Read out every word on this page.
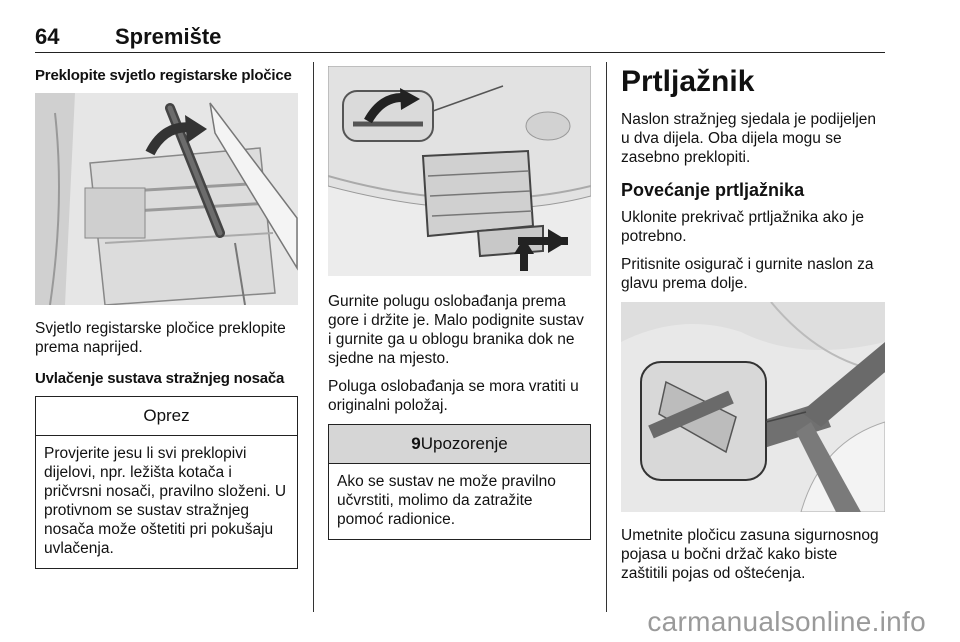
64	Spremište
Preklopite svjetlo registarske pločice

Svjetlo registarske pločice preklopite prema naprijed.

Uvlačenje sustava stražnjeg nosača
Oprez
Provjerite jesu li svi preklopivi dijelovi, npr. ležišta kotača i pričvrsni nosači, pravilno složeni. U protivnom se sustav stražnjeg nosača može oštetiti pri pokušaju uvlačenja.

Gurnite polugu oslobađanja prema gore i držite je. Malo podignite sustav i gurnite ga u oblogu branika dok ne sjedne na mjesto.

Poluga oslobađanja se mora vratiti u originalni položaj.

9Upozorenje
Ako se sustav ne može pravilno učvrstiti, molimo da zatražite pomoć radionice.
Prtljažnik

Naslon stražnjeg sjedala je podijeljen u dva dijela. Oba dijela mogu se zasebno preklopiti.

Povećanje prtljažnika

Uklonite prekrivač prtljažnika ako je potrebno.

Pritisnite osigurač i gurnite naslon za glavu prema dolje.

Umetnite pločicu zasuna sigurnosnog pojasa u bočni držač kako biste zaštitili pojas od oštećenja.

carmanualsonline.info
